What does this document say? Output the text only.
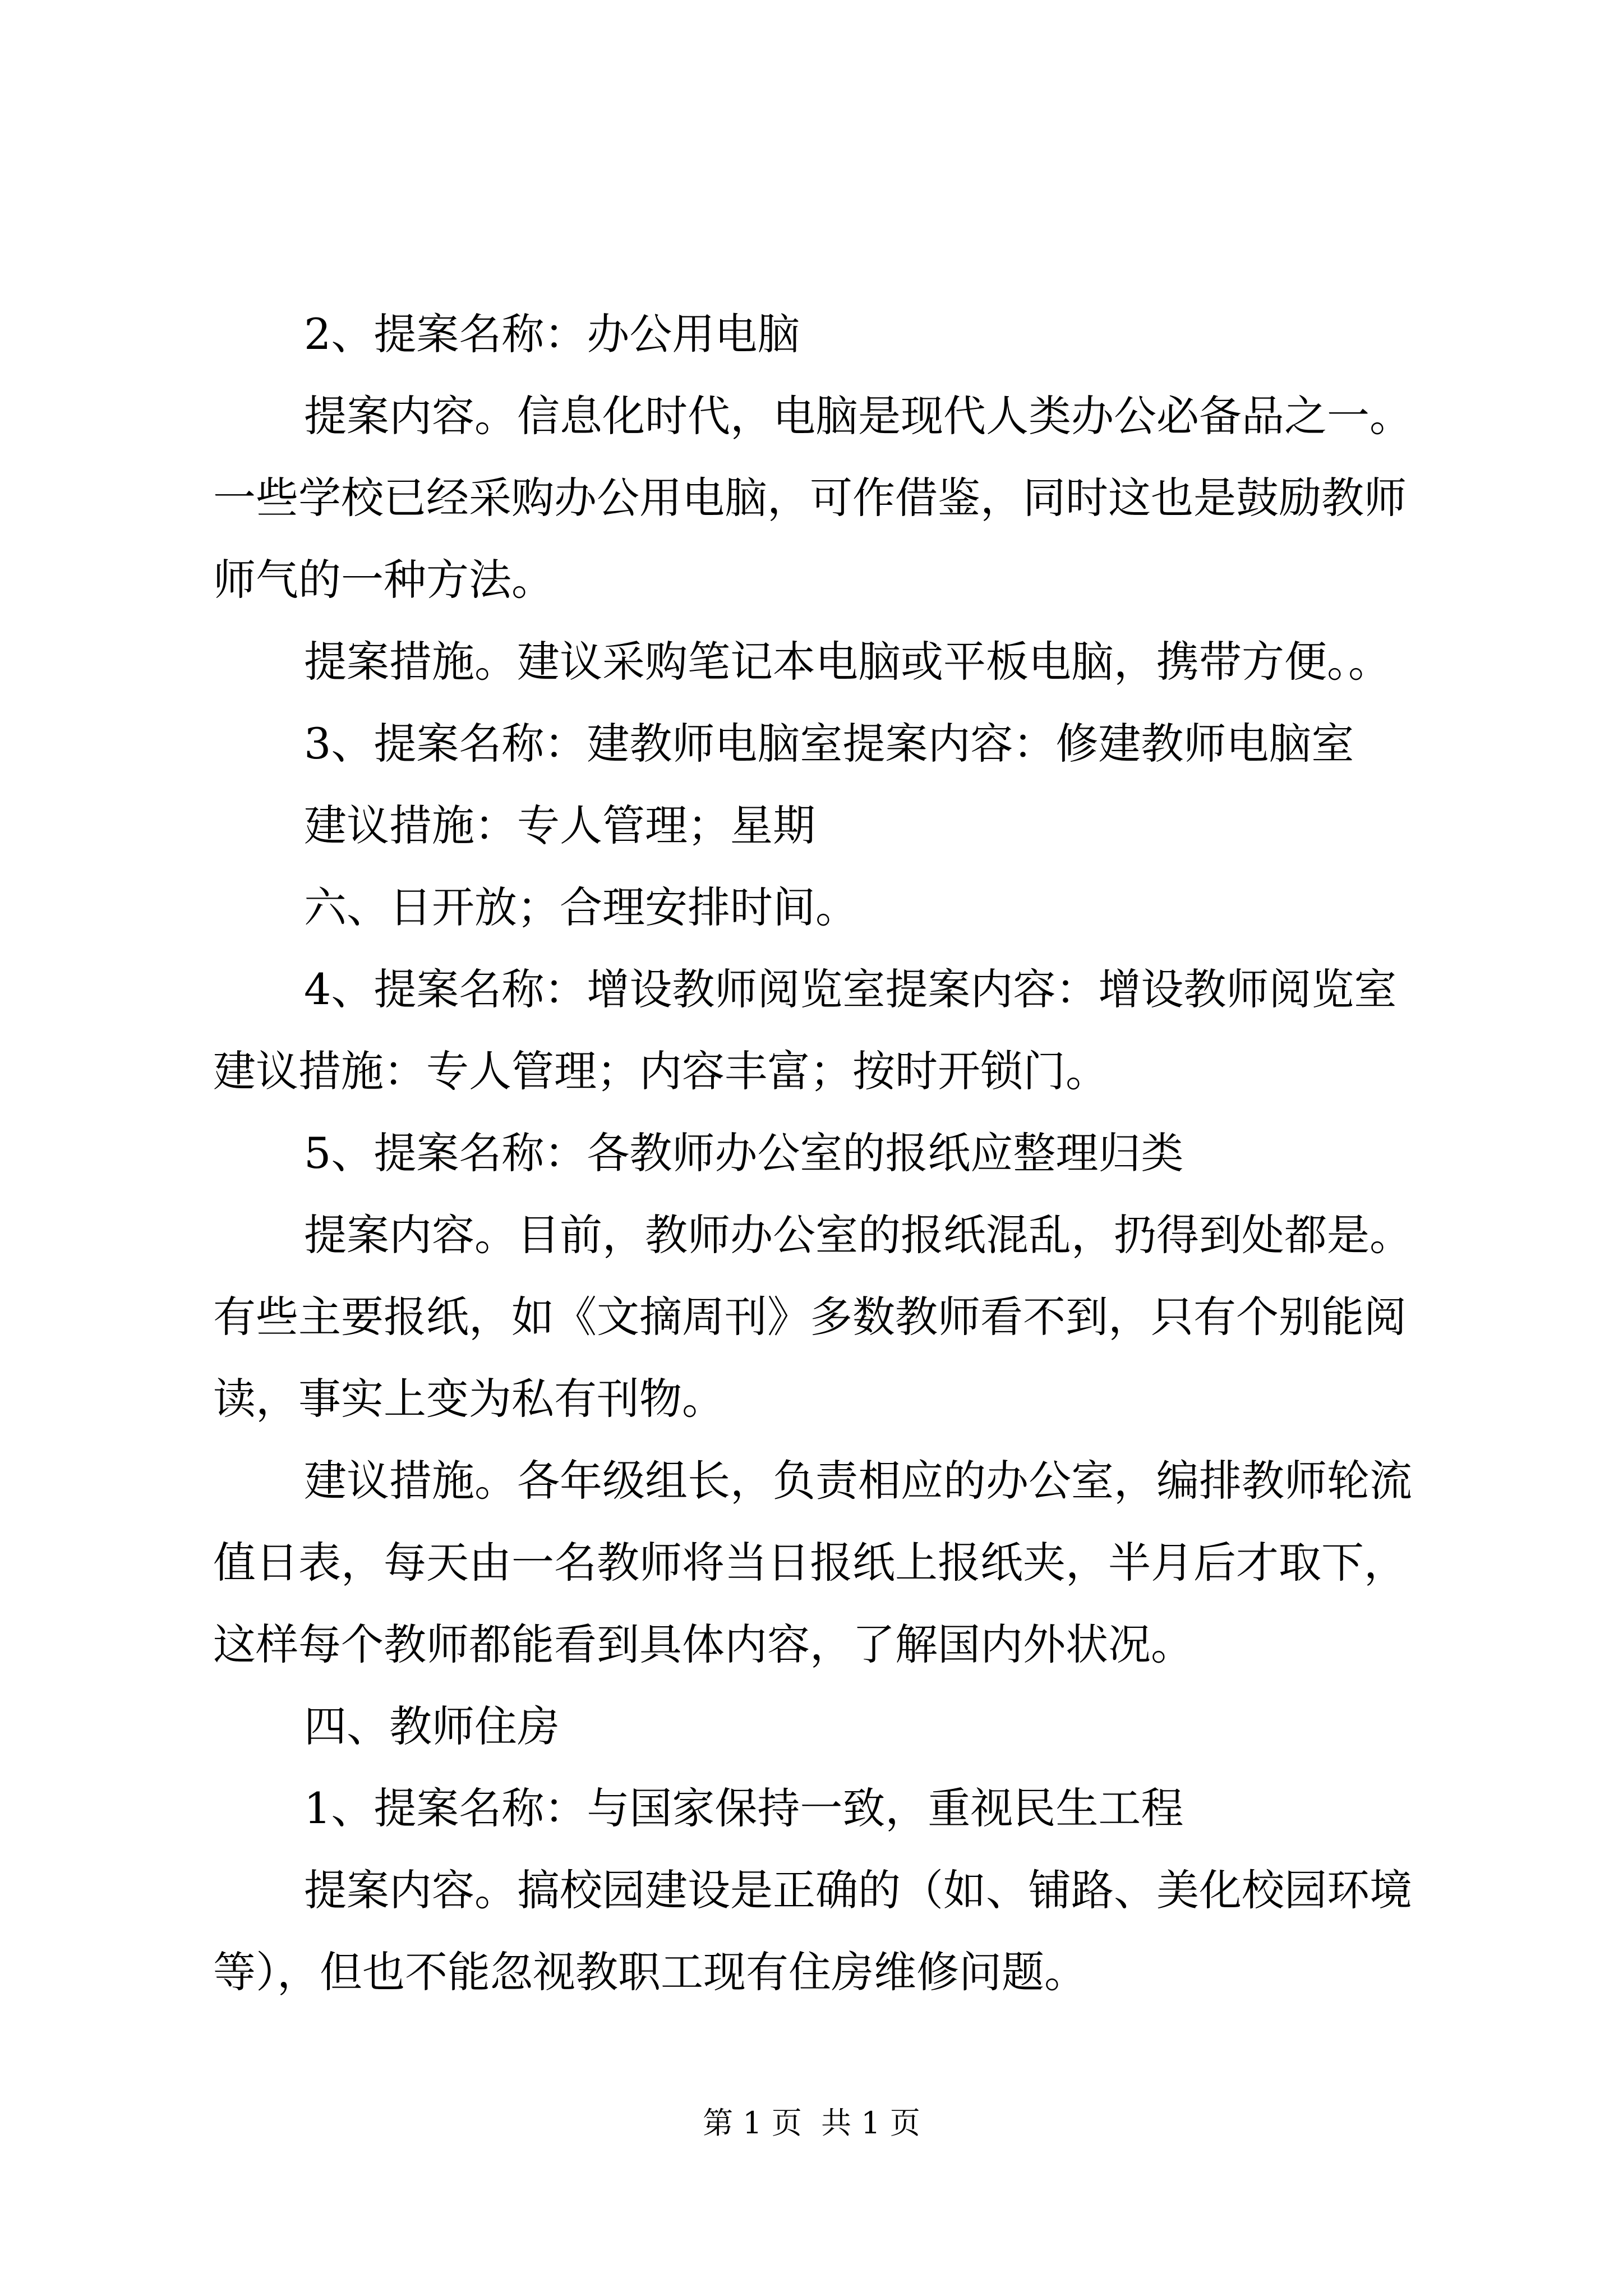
2、提案名称：办公用电脑

提案内容。信息化时代，电脑是现代人类办公必备品之一。

一些学校已经采购办公用电脑，可作借鉴，同时这也是鼓励教师

师气的一种方法。

提案措施。建议采购笔记本电脑或平板电脑，携带方便。。

3、提案名称：建教师电脑室提案内容：修建教师电脑室

建议措施：专人管理；星期

六、日开放；合理安排时间。

4、提案名称：增设教师阅览室提案内容：增设教师阅览室

建议措施：专人管理；内容丰富；按时开锁门。

5、提案名称：各教师办公室的报纸应整理归类

提案内容。目前，教师办公室的报纸混乱，扔得到处都是。

有些主要报纸，如《文摘周刊》多数教师看不到，只有个别能阅

读，事实上变为私有刊物。

建议措施。各年级组长，负责相应的办公室，编排教师轮流

值日表，每天由一名教师将当日报纸上报纸夹，半月后才取下，

这样每个教师都能看到具体内容，了解国内外状况。

四、教师住房

1、提案名称：与国家保持一致，重视民生工程

提案内容。搞校园建设是正确的（如、铺路、美化校园环境

等），但也不能忽视教职工现有住房维修问题。

第 1 页  共 1 页
